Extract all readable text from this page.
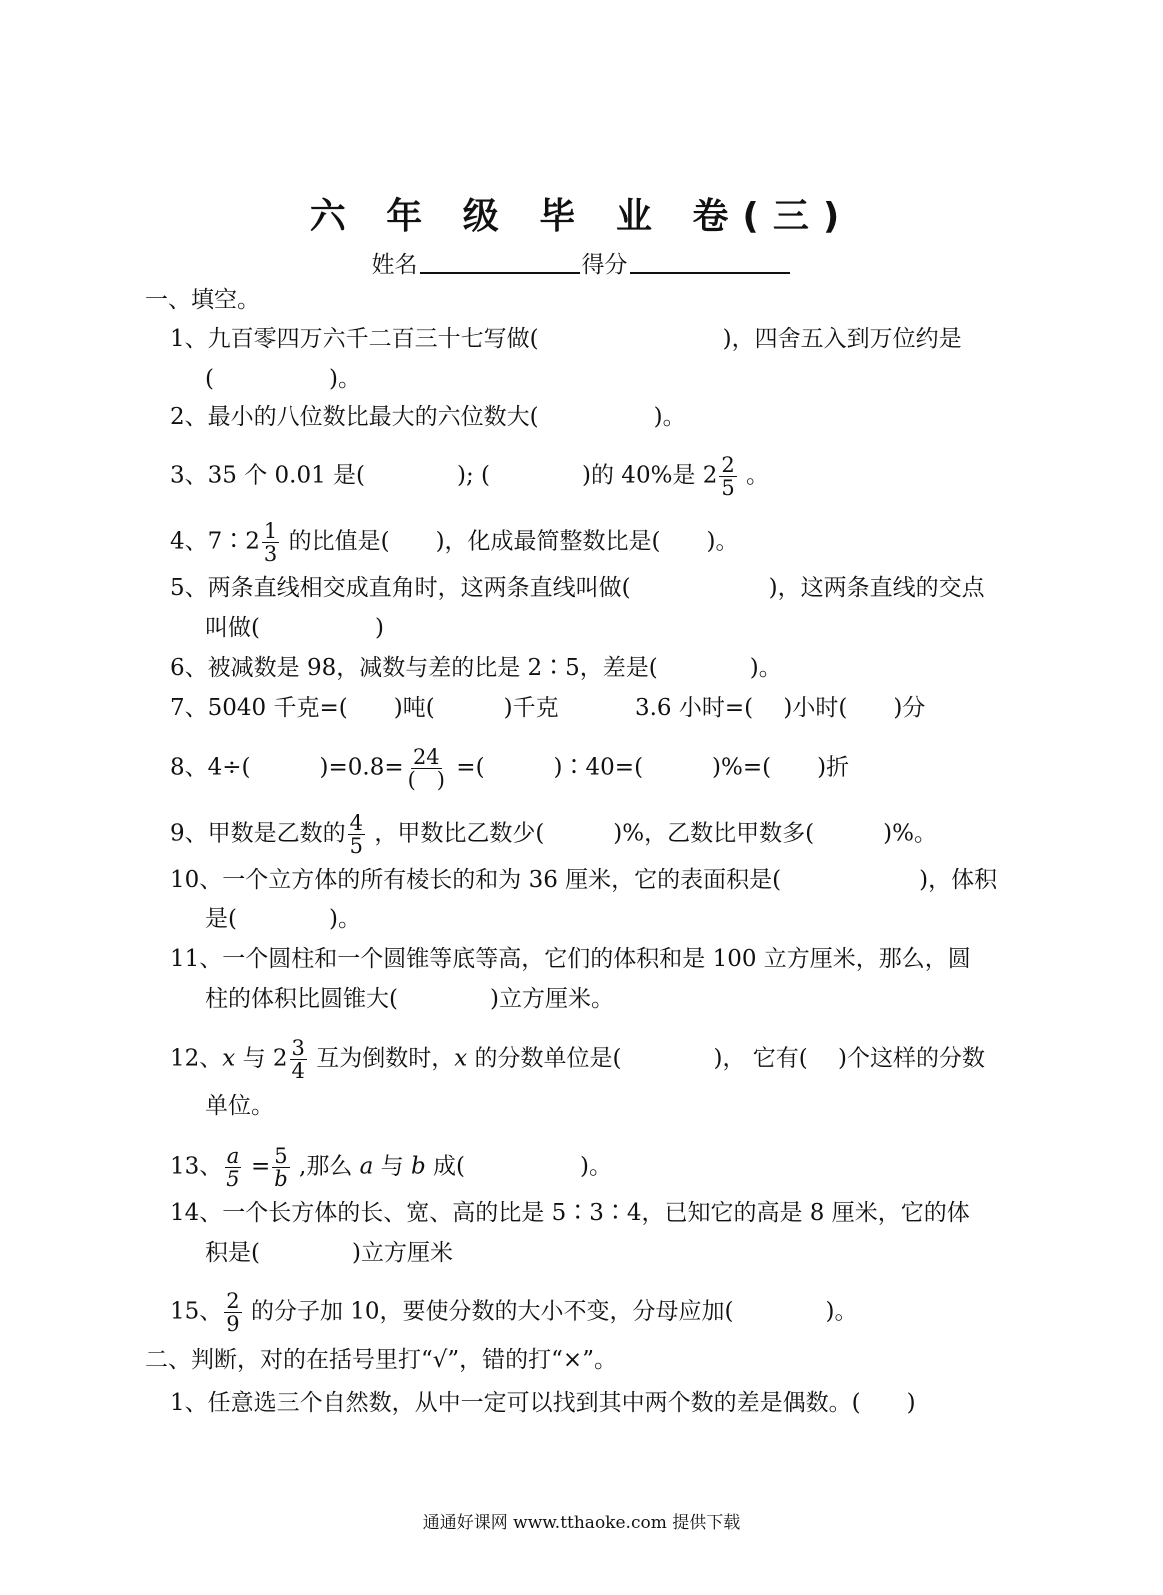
六 年 级 毕 业 卷(三)
姓名	得分
一、填空。
1、九百零四万六千二百三十七写做(　　　　　　　　)，四舍五入到万位约是
(　　　　　)。
2、最小的八位数比最大的六位数大(　　　　　)。
3、35 个 0.01 是(　　　　); (　　　　)的 40%是 $2 \frac{2}{5}$ 。
4、7∶2 $\frac{1}{3}$ 的比值是(　　)，化成最简整数比是(　　)。
5、两条直线相交成直角时，这两条直线叫做(　　　　　　)，这两条直线的交点
叫做(　　　　　)
6、被减数是 98，减数与差的比是 2∶5，差是(　　　　)。
7、5040 千克=(　　)吨(　　　)千克　　　 3.6 小时=(　 )小时(　　)分
8、4÷(　　　)$=0.8= \frac{24}{( )}$ =(　　　)∶40=(　　　)%=(　　)折
9、甲数是乙数的 $\frac{4}{5}$ ，甲数比乙数少(　　　)%，乙数比甲数多(　　　)%。
10、一个立方体的所有棱长的和为 36 厘米，它的表面积是(　　　　　　)，体积
是(　　　　)。
11、一个圆柱和一个圆锥等底等高，它们的体积和是 100 立方厘米，那么，圆
柱的体积比圆锥大(　　　　)立方厘米。
12、x 与 $2 \frac{3}{4}$ 互为倒数时，x 的分数单位是(　　　　)， 它有(　 )个这样的分数
单位。
13、 $\frac{a}{5} = \frac{5}{b}$ ,那么 a 与 b 成(　　　　　)。
14、一个长方体的长、宽、高的比是 5∶3∶4，已知它的高是 8 厘米，它的体
积是(　　　　)立方厘米
15、 $\frac{2}{9}$ 的分子加 10，要使分数的大小不变，分母应加(　　　　)。
二、判断，对的在括号里打“√”，错的打“×”。
1、任意选三个自然数，从中一定可以找到其中两个数的差是偶数。(　　)
通通好课网 www.tthaoke.com 提供下载
